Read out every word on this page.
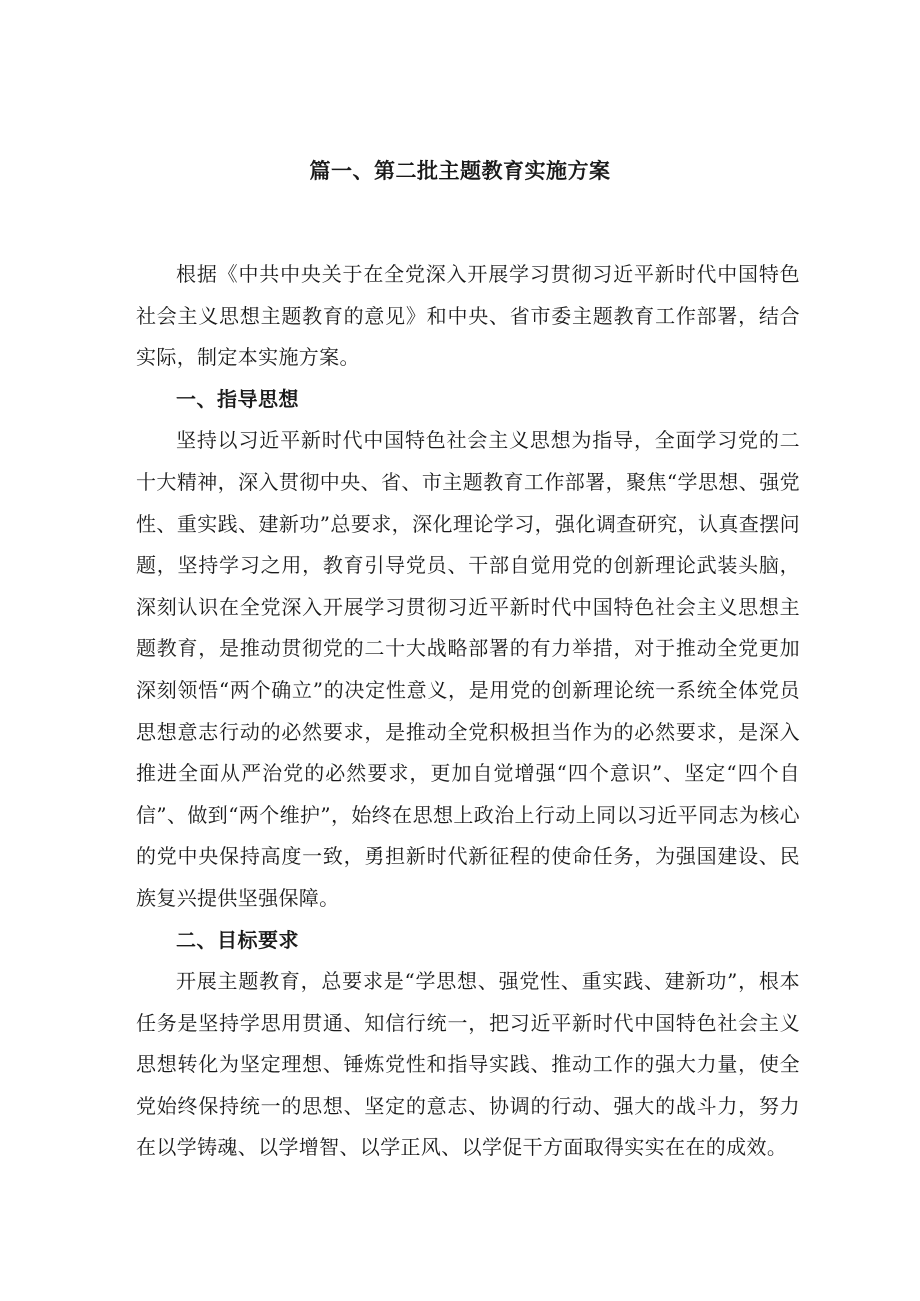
篇一、第二批主题教育实施方案

根据《中共中央关于在全党深入开展学习贯彻习近平新时代中国特色社会主义思想主题教育的意见》和中央、省市委主题教育工作部署，结合实际，制定本实施方案。

一、指导思想

坚持以习近平新时代中国特色社会主义思想为指导，全面学习党的二十大精神，深入贯彻中央、省、市主题教育工作部署，聚焦“学思想、强党性、重实践、建新功”总要求，深化理论学习，强化调查研究，认真查摆问题，坚持学习之用，教育引导党员、干部自觉用党的创新理论武装头脑，深刻认识在全党深入开展学习贯彻习近平新时代中国特色社会主义思想主题教育，是推动贯彻党的二十大战略部署的有力举措，对于推动全党更加深刻领悟“两个确立”的决定性意义，是用党的创新理论统一系统全体党员思想意志行动的必然要求，是推动全党积极担当作为的必然要求，是深入推进全面从严治党的必然要求，更加自觉增强“四个意识”、坚定“四个自信”、做到“两个维护”，始终在思想上政治上行动上同以习近平同志为核心的党中央保持高度一致，勇担新时代新征程的使命任务，为强国建设、民族复兴提供坚强保障。

二、目标要求

开展主题教育，总要求是“学思想、强党性、重实践、建新功”，根本任务是坚持学思用贯通、知信行统一，把习近平新时代中国特色社会主义思想转化为坚定理想、锤炼党性和指导实践、推动工作的强大力量，使全党始终保持统一的思想、坚定的意志、协调的行动、强大的战斗力，努力在以学铸魂、以学增智、以学正风、以学促干方面取得实实在在的成效。
